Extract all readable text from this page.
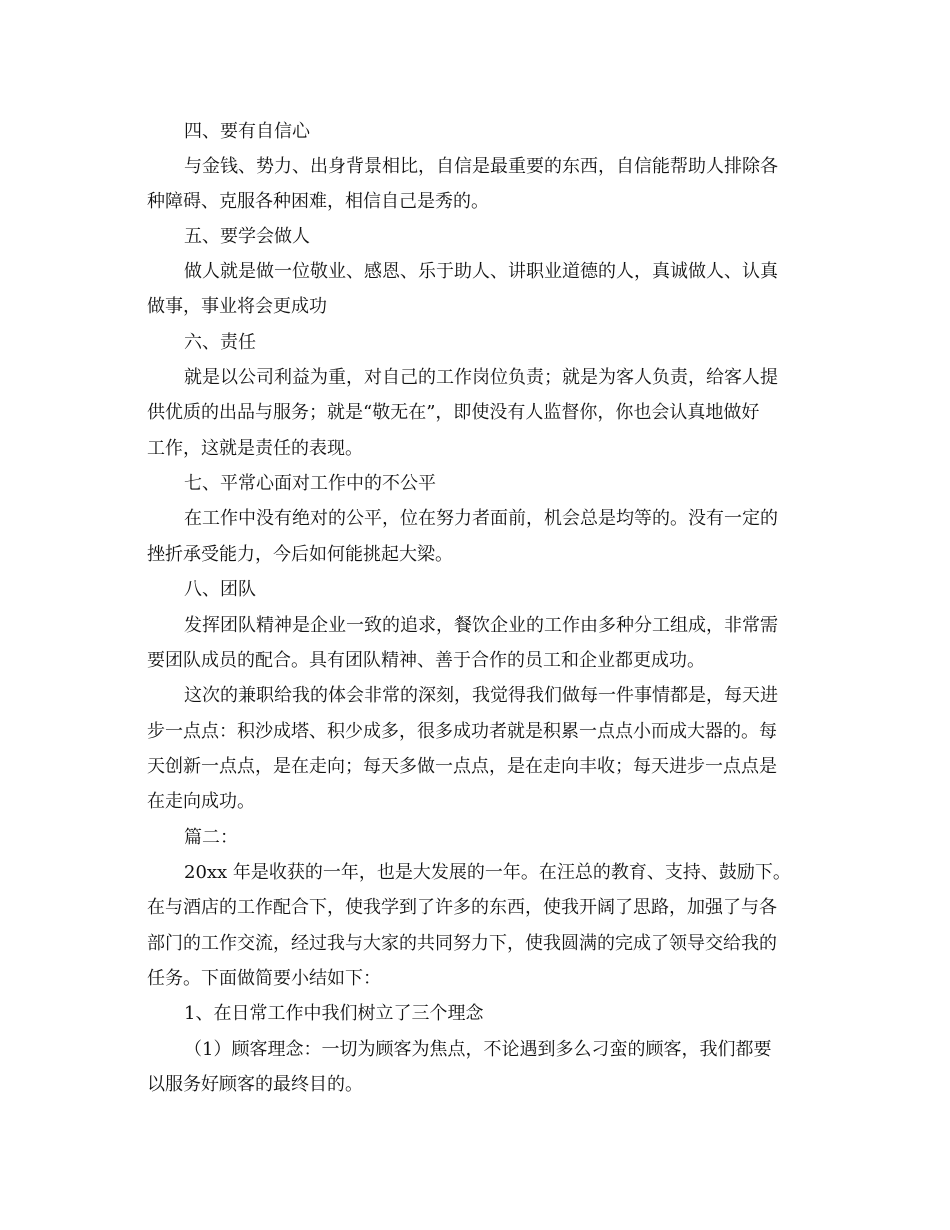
四、要有自信心

与金钱、势力、出身背景相比，自信是最重要的东西，自信能帮助人排除各

种障碍、克服各种困难，相信自己是秀的。

五、要学会做人

做人就是做一位敬业、感恩、乐于助人、讲职业道德的人，真诚做人、认真

做事，事业将会更成功

六、责任

就是以公司利益为重，对自己的工作岗位负责；就是为客人负责，给客人提

供优质的出品与服务；就是“敬无在”，即使没有人监督你，你也会认真地做好

工作，这就是责任的表现。

七、平常心面对工作中的不公平

在工作中没有绝对的公平，位在努力者面前，机会总是均等的。没有一定的

挫折承受能力，今后如何能挑起大梁。

八、团队

发挥团队精神是企业一致的追求，餐饮企业的工作由多种分工组成，非常需

要团队成员的配合。具有团队精神、善于合作的员工和企业都更成功。

这次的兼职给我的体会非常的深刻，我觉得我们做每一件事情都是，每天进

步一点点：积沙成塔、积少成多，很多成功者就是积累一点点小而成大器的。每

天创新一点点，是在走向；每天多做一点点，是在走向丰收；每天进步一点点是

在走向成功。

篇二：

20xx 年是收获的一年，也是大发展的一年。在汪总的教育、支持、鼓励下。

在与酒店的工作配合下，使我学到了许多的东西，使我开阔了思路，加强了与各

部门的工作交流，经过我与大家的共同努力下，使我圆满的完成了领导交给我的

任务。下面做简要小结如下：

1、在日常工作中我们树立了三个理念

（1）顾客理念：一切为顾客为焦点，不论遇到多么刁蛮的顾客，我们都要

以服务好顾客的最终目的。
